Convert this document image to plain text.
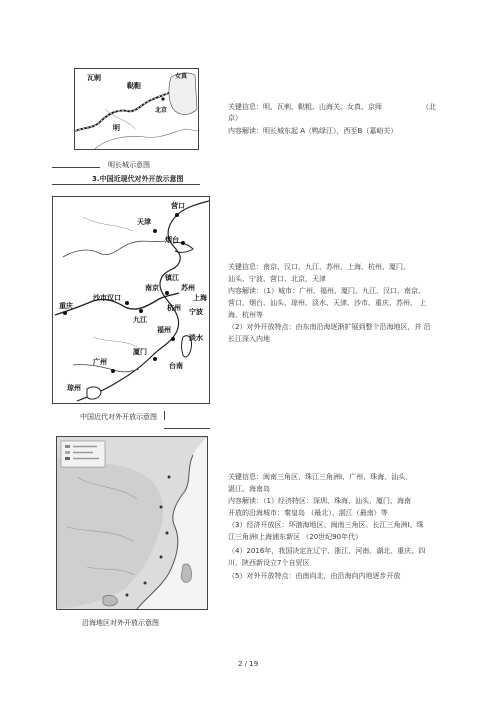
瓦剌
鞑靼
女真
北京
明
明长城示意图
3.中国近现代对外开放示意图
关键信息：明、瓦剌、鞑粗、山海关、女真、京师	（北
京）
内容解读：明长城东起 A（鸭绿江），西至B（嘉峪关）
营口
天津
烟台
镇江
南京	苏州
上海
杭州 宁波
沙市汉口
重庆
九江
福州
淡水
厦门
广州	台南
琼州
中国近代对外开放示意图
关键信息：南京、汉口、九江、苏州、上海、杭州、厦门、
汕头、宁波、营口、北京、天津
内容解读：（1）城市：广州、福州、厦门、九江、汉口、南京、
营口、烟台、汕头、琼州、淡水、天津、沙市、重庆、苏州、 上
海、杭州等
（2）对外开放特点：由东南沿海逐渐扩展到整个沿海地区，并 沿
长江深入内地
沿海地区对外开放示意图
关键信息：闽南三角区、珠江三角洲I、广州、珠海、汕头、
湛江、海南岛
内容解读：（1）经济特区：深圳、珠海、汕头、厦门、海南
开放的沿海城市：秦皇岛 （最北）、湛江（最南）等
（3）经济开放区：环渤海地区、闽南三角区、长江三角洲I、珠
江三角洲I上海浦东新区 （20世纪90年代）
（4）2016年，我国决定在辽宁、浙江、河南、湖北、重庆、四
川、陕西新设立7个自贸区
（5）对外开放特点：由南向北，由沿海向内地逐步开放
2 / 19
